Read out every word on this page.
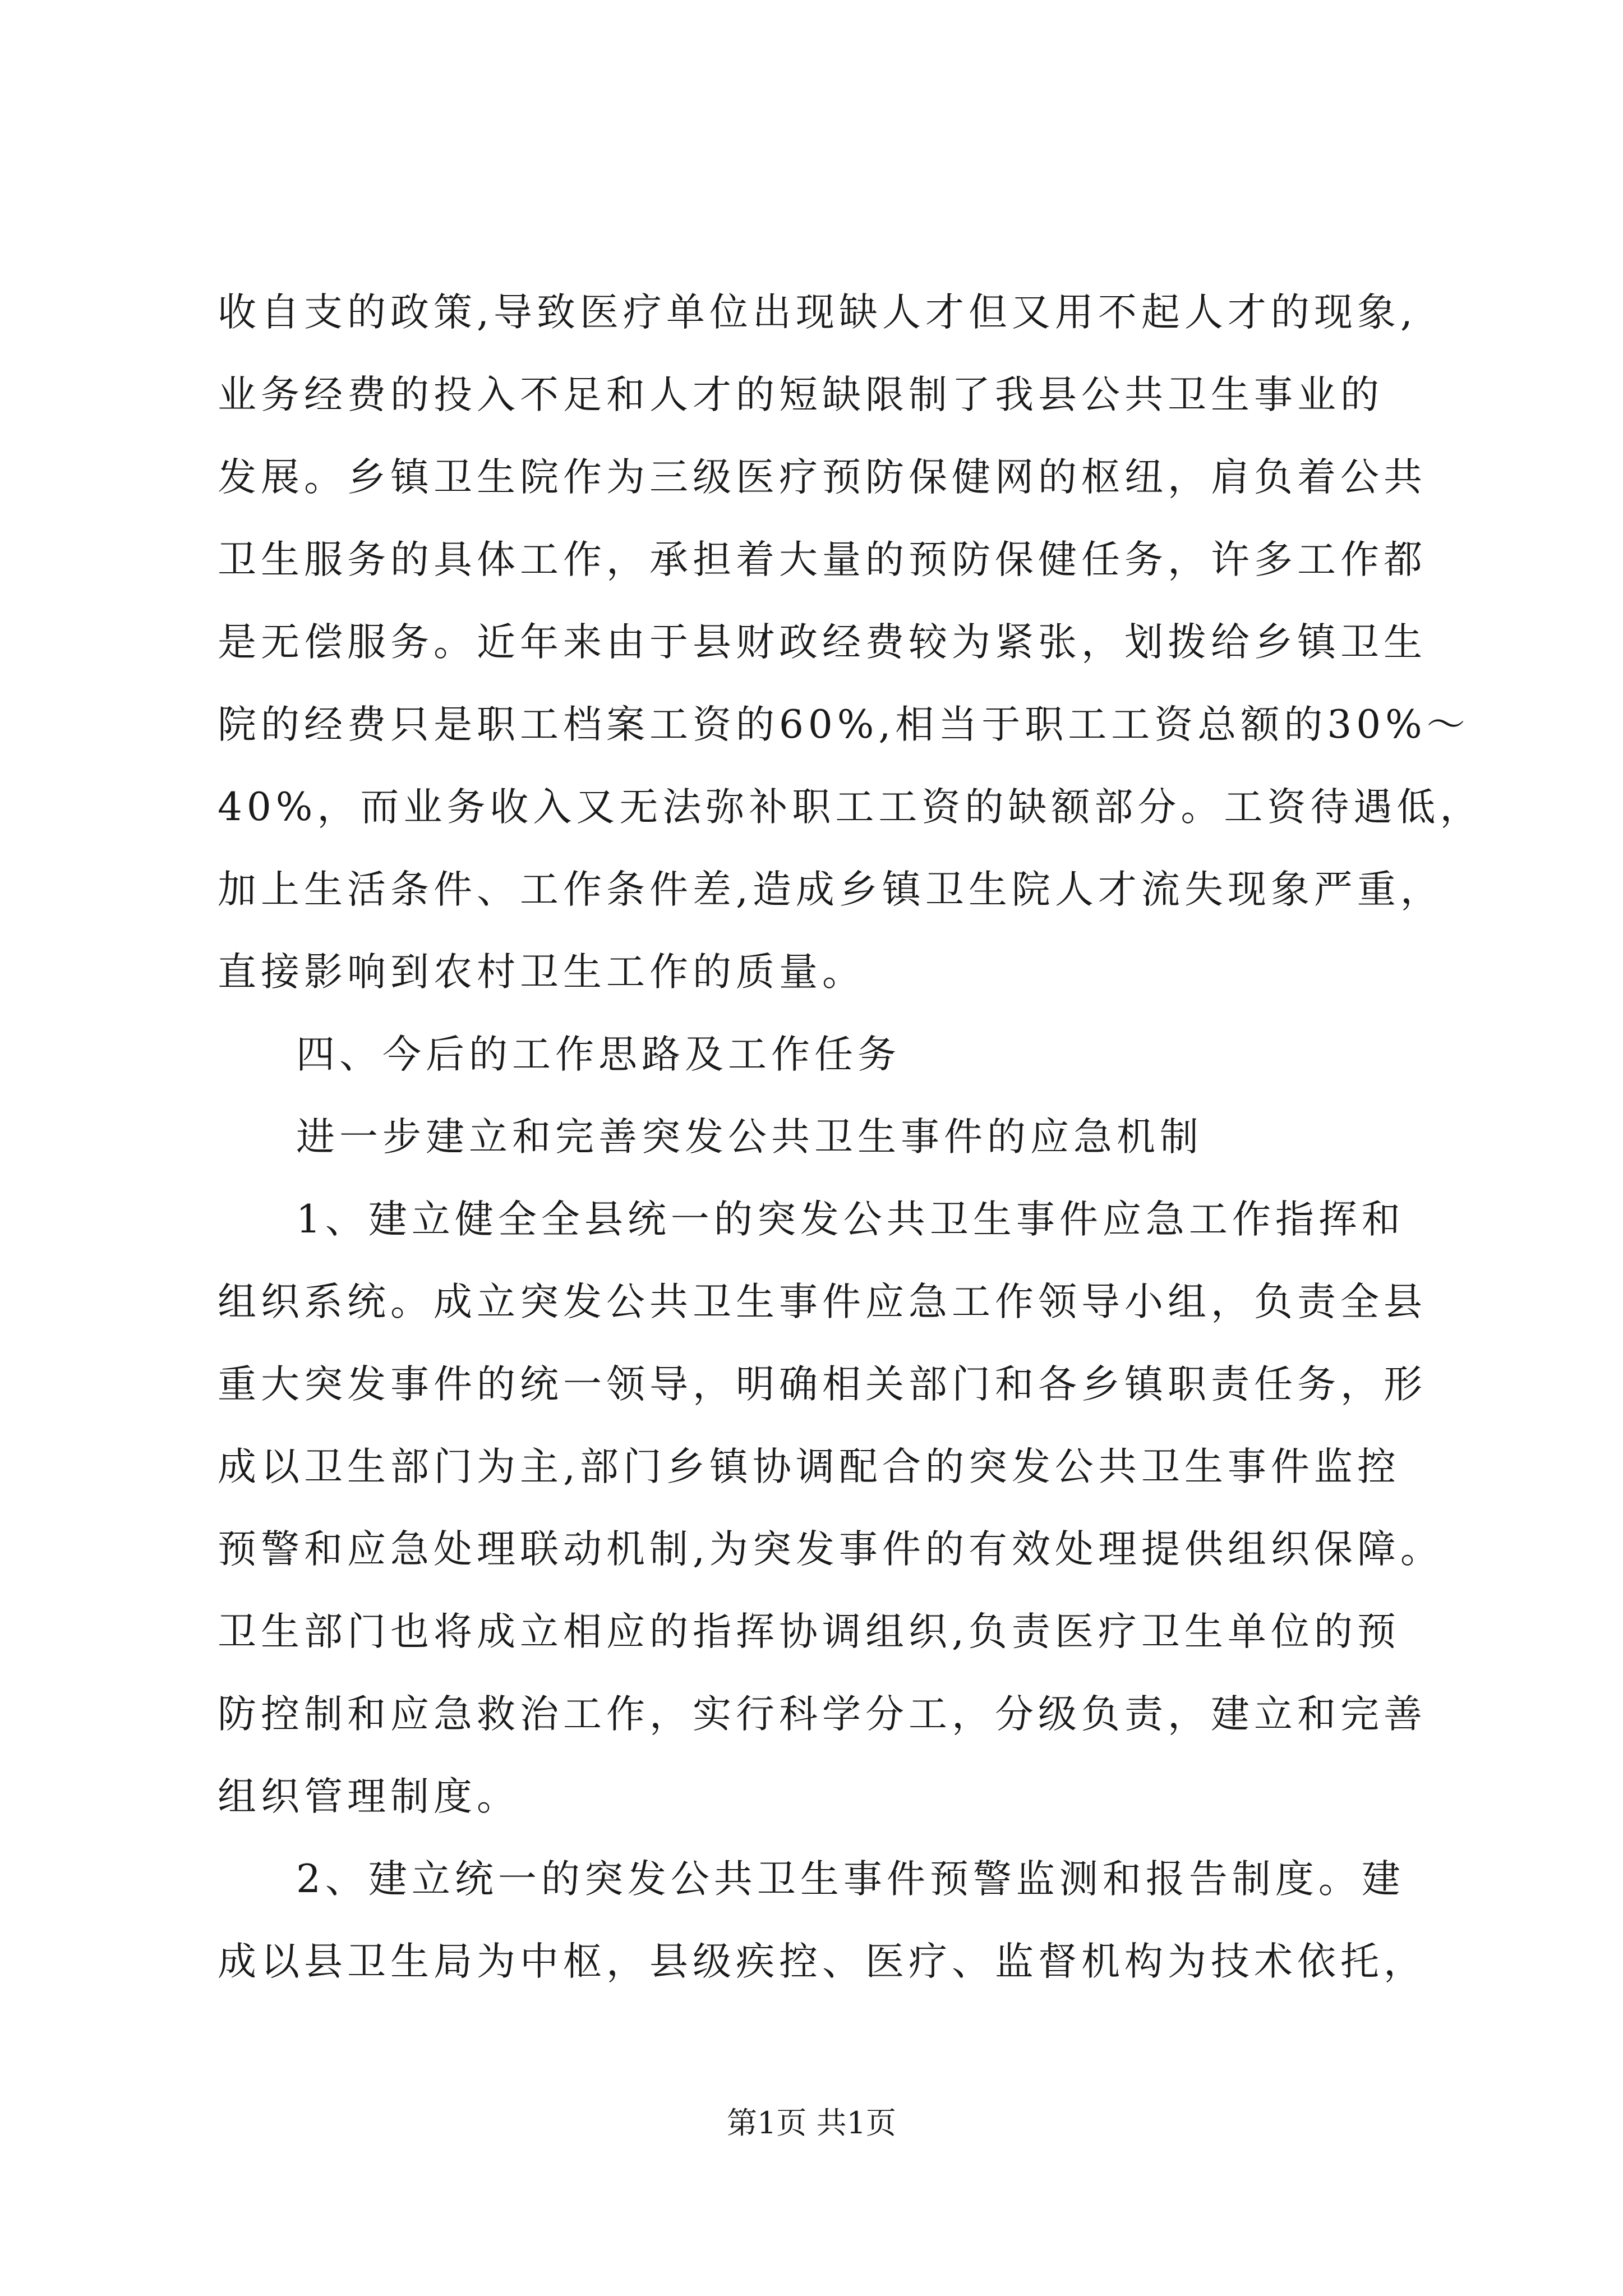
收自支的政策,导致医疗单位出现缺人才但又用不起人才的现象,
业务经费的投入不足和人才的短缺限制了我县公共卫生事业的
发展。乡镇卫生院作为三级医疗预防保健网的枢纽，肩负着公共
卫生服务的具体工作，承担着大量的预防保健任务，许多工作都
是无偿服务。近年来由于县财政经费较为紧张，划拨给乡镇卫生
院的经费只是职工档案工资的60%,相当于职工工资总额的30%～
40%，而业务收入又无法弥补职工工资的缺额部分。工资待遇低，
加上生活条件、工作条件差,造成乡镇卫生院人才流失现象严重，
直接影响到农村卫生工作的质量。
四、今后的工作思路及工作任务
进一步建立和完善突发公共卫生事件的应急机制
1、建立健全全县统一的突发公共卫生事件应急工作指挥和
组织系统。成立突发公共卫生事件应急工作领导小组，负责全县
重大突发事件的统一领导，明确相关部门和各乡镇职责任务，形
成以卫生部门为主,部门乡镇协调配合的突发公共卫生事件监控
预警和应急处理联动机制,为突发事件的有效处理提供组织保障。
卫生部门也将成立相应的指挥协调组织,负责医疗卫生单位的预
防控制和应急救治工作，实行科学分工，分级负责，建立和完善
组织管理制度。
2、建立统一的突发公共卫生事件预警监测和报告制度。建
成以县卫生局为中枢，县级疾控、医疗、监督机构为技术依托，
第1页 共1页
